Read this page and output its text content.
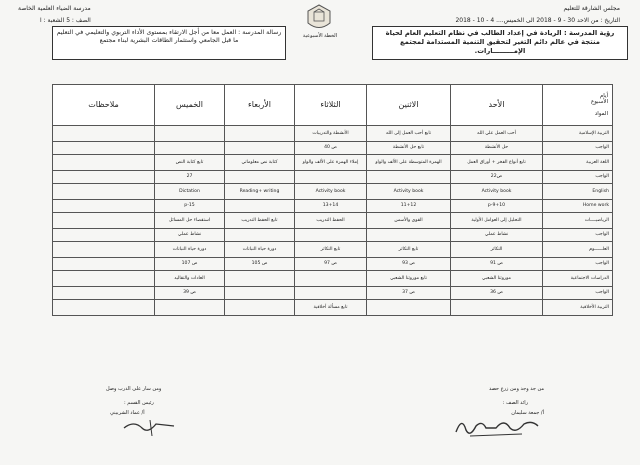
مجلس الشارقة للتعليم
مدرسة الضياء العلمية الخاصة
التاريخ : من الاحد 30 - 9 - 2018 الى الخميس.... 4 - 10 - 2018
الصف : 5 الشعبة : ا
الخطة الأسبوعية	رؤية المدرسة : الريادة في إعداد الطالب في نظام التعليم العام لحياة منتجة في عالم دائم التغير لتحقيق التنمية المستدامة لمجتمع الإمـــــــــارات.
رسالة المدرسة : العمل معا من أجل الارتقاء بمستوى الأداء التربوي والتعليمي في التعليم ما قبل الجامعي واستثمار الطاقات البشرية لبناء مجتمع
أيام
الأسبوع
المواد	الأحد	الاثنين	الثلاثاء	الأربعاء	الخميس	ملاحظات
التربية الإسلامية	أحب العمل علي الله	تابع أحب العمل إلى الله	الأنشطة والتدريبات			
الواجب	حل الأنشطة	تابع حل الأنشطة	ص 40			
اللغة العربية	تابع أنواع الفخر + أوراق العمل	الهمزة المتوسطة على الألف والواو	إملاء الهمزة على الألف والواو	كتابة نص معلوماتي	تابع كتابة النص	
الواجب	ص22				27	
English	Activity book	Activity book	Activity book	Reading+ writing	Dictation	
Home work	p-9+10	11+12	13+14		p-15	
الرياضيــــات	التحليل إلى العوامل الأولية	القوى والأسس	الحفظ التدريب	تابع الحفظ التدريب	استقصاء حل المسائل	
الواجب	نشاط عملي				نشاط عملي	
العلــــــوم	التكاثر	تابع التكاثر	تابع التكاثر	دورة حياة النباتات	دورة حياة النباتات	
الواجب	ص 91	ص 93	ص 97	ص 105	ص 107	
الدراسات الاجتماعية	موروثنا الشعبي	تابع موروثنا الشعبي			العادات والتقاليد	
الواجب	ص 36	ص 37			ص 39	
التربية الأخلاقية			تابع مسألة أخلاقية			
من جد وجد ومن زرع حصد
ومن سار على الدرب وصل
رائد الصف :
أ/ جمعة سليمان
رئيس القسم :
أ/ عماد الشربيني
